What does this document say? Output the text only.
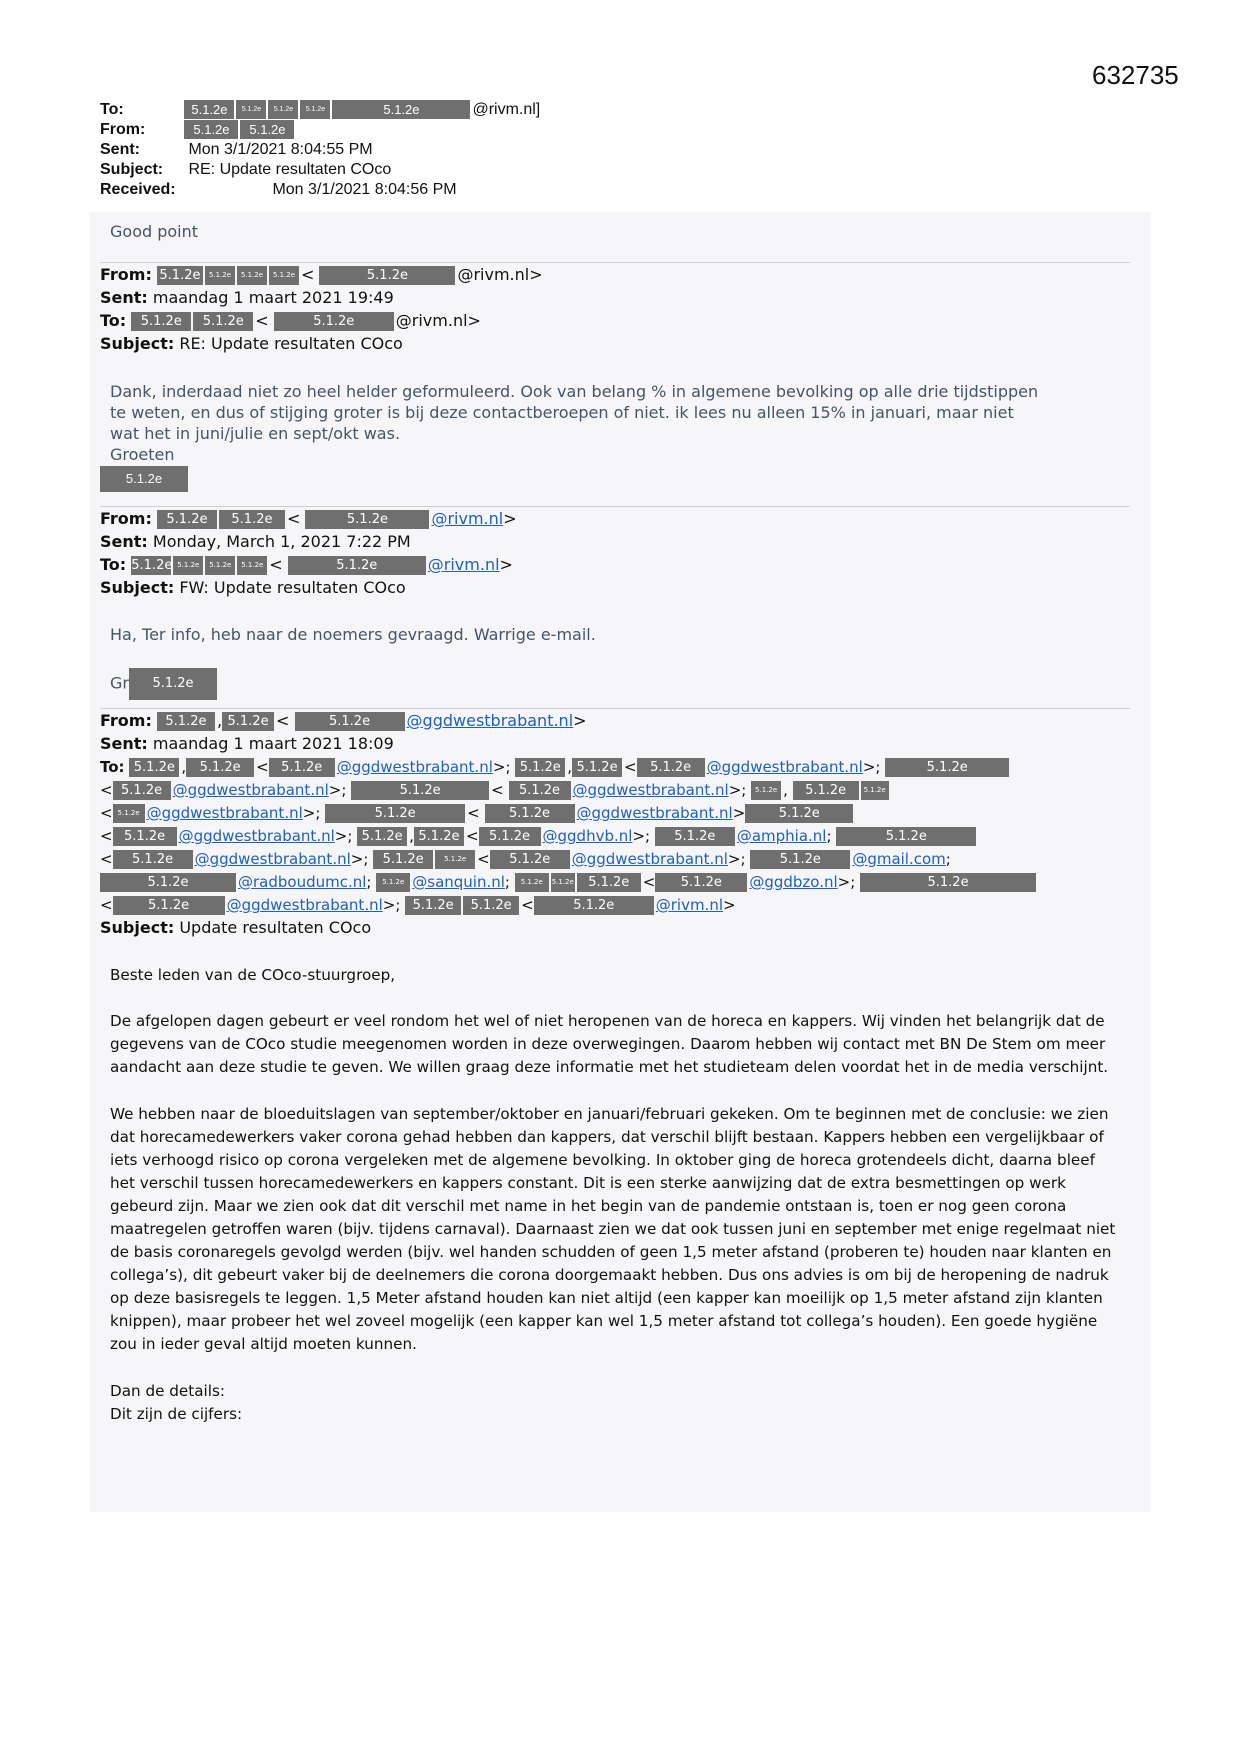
632735
To:	5.1.2e 5.1.2e 5.1.2e 5.1.2e	5.1.2e	@rivm.nl]
From:	5.1.2e 5.1.2e
Sent:	Mon 3/1/2021 8:04:55 PM
Subject: RE: Update resultaten COco
Received:	Mon 3/1/2021 8:04:56 PM
Good point
From: 5.1.2e 5.1.2e 5.1.2e 5.1.2e <	5.1.2e	@rivm.nl>
Sent: maandag 1 maart 2021 19:49
To: 5.1.2e 5.1.2e <	5.1.2e	@rivm.nl>
Subject: RE: Update resultaten COco
Dank, inderdaad niet zo heel helder geformuleerd. Ook van belang % in algemene bevolking op alle drie tijdstippen
te weten, en dus of stijging groter is bij deze contactberoepen of niet. ik lees nu alleen 15% in januari, maar niet
wat het in juni/julie en sept/okt was.
Groeten
5.1.2e
From: 5.1.2e 5.1.2e <	5.1.2e	@rivm.nl>
Sent: Monday, March 1, 2021 7:22 PM
To: 5.1.2e 5.1.2e 5.1.2e 5.1.2e <	5.1.2e	@rivm.nl>
Subject: FW: Update resultaten COco
Ha, Ter info, heb naar de noemers gevraagd. Warrige e-mail.
Gr 5.1.2e
From: 5.1.2e , 5.1.2e <	5.1.2e @ggdwestbrabant.nl>
Sent: maandag 1 maart 2021 18:09
To: 5.1.2e , 5.1.2e < 5.1.2e @ggdwestbrabant.nl>; 5.1.2e , 5.1.2e < 5.1.2e @ggdwestbrabant.nl>;	5.1.2e
< 5.1.2e @ggdwestbrabant.nl>;	5.1.2e	< 5.1.2e @ggdwestbrabant.nl>; 5.1.2e , 5.1.2e 5.1.2e
< 5.1.2e @ggdwestbrabant.nl>;	5.1.2e	< 5.1.2e @ggdwestbrabant.nl>	5.1.2e
< 5.1.2e @ggdwestbrabant.nl>; 5.1.2e , 5.1.2e < 5.1.2e @ggdhvb.nl>; 5.1.2e @amphia.nl;	5.1.2e
< 5.1.2e @ggdwestbrabant.nl>; 5.1.2e	5.1.2e < 5.1.2e @ggdwestbrabant.nl>; 5.1.2e @gmail.com;
5.1.2e	@radboudumc.nl; 5.1.2e @sanquin.nl; 5.1.2e 5.1.2e 5.1.2e < 5.1.2e @ggdbzo.nl>;	5.1.2e
<	5.1.2e @ggdwestbrabant.nl>; 5.1.2e 5.1.2e <	5.1.2e	@rivm.nl>
Subject: Update resultaten COco
Beste leden van de COco-stuurgroep,
De afgelopen dagen gebeurt er veel rondom het wel of niet heropenen van de horeca en kappers. Wij vinden het belangrijk dat de
gegevens van de COco studie meegenomen worden in deze overwegingen. Daarom hebben wij contact met BN De Stem om meer
aandacht aan deze studie te geven. We willen graag deze informatie met het studieteam delen voordat het in de media verschijnt.
We hebben naar de bloeduitslagen van september/oktober en januari/februari gekeken. Om te beginnen met de conclusie: we zien
dat horecamedewerkers vaker corona gehad hebben dan kappers, dat verschil blijft bestaan. Kappers hebben een vergelijkbaar of
iets verhoogd risico op corona vergeleken met de algemene bevolking. In oktober ging de horeca grotendeels dicht, daarna bleef
het verschil tussen horecamedewerkers en kappers constant. Dit is een sterke aanwijzing dat de extra besmettingen op werk
gebeurd zijn. Maar we zien ook dat dit verschil met name in het begin van de pandemie ontstaan is, toen er nog geen corona
maatregelen getroffen waren (bijv. tijdens carnaval). Daarnaast zien we dat ook tussen juni en september met enige regelmaat niet
de basis coronaregels gevolgd werden (bijv. wel handen schudden of geen 1,5 meter afstand (proberen te) houden naar klanten en
collega’s), dit gebeurt vaker bij de deelnemers die corona doorgemaakt hebben. Dus ons advies is om bij de heropening de nadruk
op deze basisregels te leggen. 1,5 Meter afstand houden kan niet altijd (een kapper kan moeilijk op 1,5 meter afstand zijn klanten
knippen), maar probeer het wel zoveel mogelijk (een kapper kan wel 1,5 meter afstand tot collega’s houden). Een goede hygiëne
zou in ieder geval altijd moeten kunnen.
Dan de details:
Dit zijn de cijfers:
